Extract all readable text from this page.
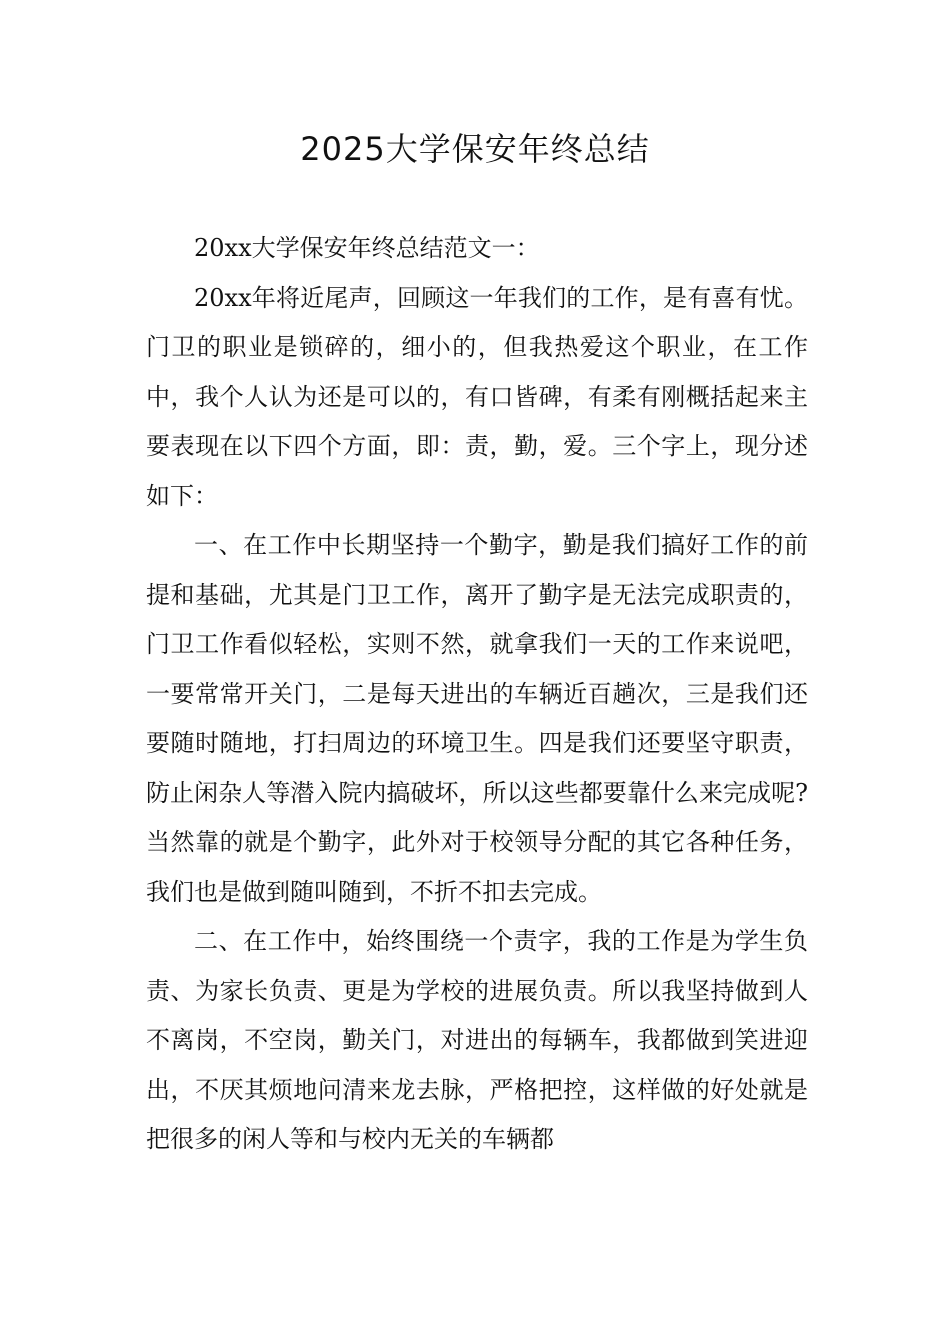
2025大学保安年终总结

20xx大学保安年终总结范文一：

20xx年将近尾声，回顾这一年我们的工作，是有喜有忧。门卫的职业是锁碎的，细小的，但我热爱这个职业，在工作中，我个人认为还是可以的，有口皆碑，有柔有刚概括起来主要表现在以下四个方面，即：责，勤，爱。三个字上，现分述如下：

一、在工作中长期坚持一个勤字，勤是我们搞好工作的前提和基础，尤其是门卫工作，离开了勤字是无法完成职责的，门卫工作看似轻松，实则不然，就拿我们一天的工作来说吧，一要常常开关门，二是每天进出的车辆近百趟次，三是我们还要随时随地，打扫周边的环境卫生。四是我们还要坚守职责，防止闲杂人等潜入院内搞破坏，所以这些都要靠什么来完成呢?当然靠的就是个勤字，此外对于校领导分配的其它各种任务，我们也是做到随叫随到，不折不扣去完成。

二、在工作中，始终围绕一个责字，我的工作是为学生负责、为家长负责、更是为学校的进展负责。所以我坚持做到人不离岗，不空岗，勤关门，对进出的每辆车，我都做到笑进迎出，不厌其烦地问清来龙去脉，严格把控，这样做的好处就是把很多的闲人等和与校内无关的车辆都
